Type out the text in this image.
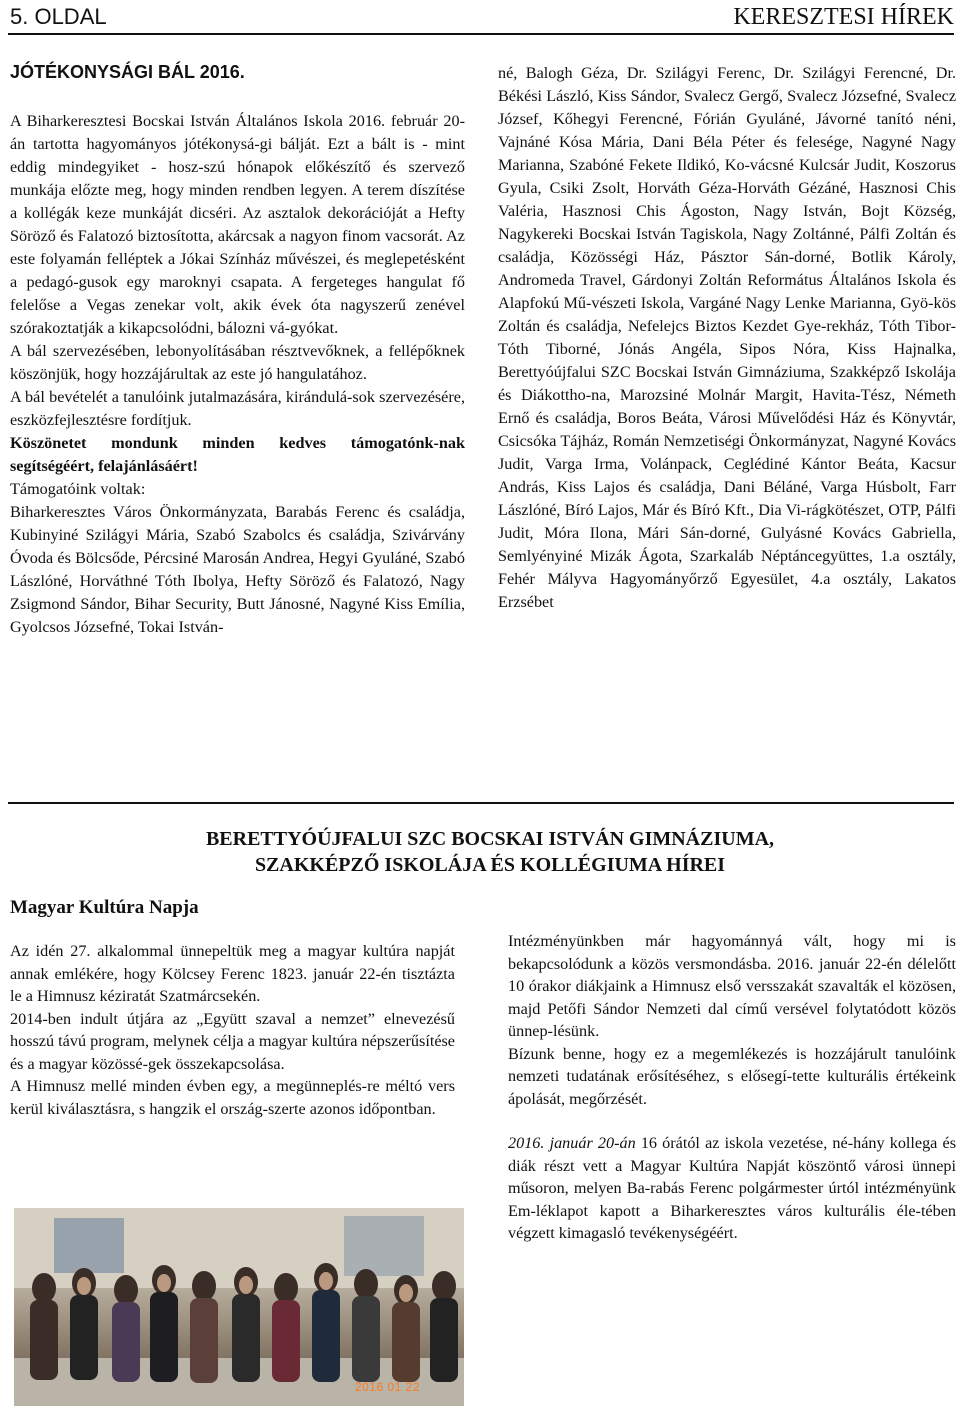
5. OLDAL	KERESZTESI HÍREK
JÓTÉKONYSÁGI BÁL 2016.

A Biharkeresztesi Bocskai István Általános Iskola 2016. február 20-án tartotta hagyományos jótékonysá-gi bálját. Ezt a bált is - mint eddig mindegyiket - hosz-szú hónapok előkészítő és szervező munkája előzte meg, hogy minden rendben legyen. A terem díszítése a kollégák keze munkáját dicséri. Az asztalok dekorációját a Hefty Söröző és Falatozó biztosította, akárcsak a nagyon finom vacsorát. Az este folyamán felléptek a Jókai Színház művészei, és meglepetésként a pedagó-gusok egy maroknyi csapata. A fergeteges hangulat fő felelőse a Vegas zenekar volt, akik évek óta nagyszerű zenével szórakoztatják a kikapcsolódni, bálozni vá-gyókat.

A bál szervezésében, lebonyolításában résztvevőknek, a fellépőknek köszönjük, hogy hozzájárultak az este jó hangulatához.

A bál bevételét a tanulóink jutalmazására, kirándulá-sok szervezésére, eszközfejlesztésre fordítjuk.

Köszönetet mondunk minden kedves támogatónk-nak segítségéért, felajánlásáért!

Támogatóink voltak:

Biharkeresztes Város Önkormányzata, Barabás Ferenc és családja, Kubinyiné Szilágyi Mária, Szabó Szabolcs és családja, Szivárvány Óvoda és Bölcsőde, Pércsiné Marosán Andrea, Hegyi Gyuláné, Szabó Lászlóné, Horváthné Tóth Ibolya, Hefty Söröző és Falatozó, Nagy Zsigmond Sándor, Bihar Security, Butt Jánosné, Nagyné Kiss Emília, Gyolcsos Józsefné, Tokai István-

né, Balogh Géza, Dr. Szilágyi Ferenc, Dr. Szilágyi Ferencné, Dr. Békési László, Kiss Sándor, Svalecz Gergő, Svalecz Józsefné, Svalecz József, Kőhegyi Ferencné, Fórián Gyuláné, Jávorné tanító néni, Vajnáné Kósa Mária, Dani Béla Péter és felesége, Nagyné Nagy Marianna, Szabóné Fekete Ildikó, Ko-vácsné Kulcsár Judit, Koszorus Gyula, Csiki Zsolt, Horváth Géza-Horváth Gézáné, Hasznosi Chis Valéria, Hasznosi Chis Ágoston, Nagy István, Bojt Község, Nagykereki Bocskai István Tagiskola, Nagy Zoltánné, Pálfi Zoltán és családja, Közösségi Ház, Pásztor Sán-dorné, Botlik Károly, Andromeda Travel, Gárdonyi Zoltán Református Általános Iskola és Alapfokú Mű-vészeti Iskola, Vargáné Nagy Lenke Marianna, Gyö-kös Zoltán és családja, Nefelejcs Biztos Kezdet Gye-rekház, Tóth Tibor-Tóth Tiborné, Jónás Angéla, Sipos Nóra, Kiss Hajnalka, Berettyóújfalui SZC Bocskai István Gimnáziuma, Szakképző Iskolája és Diákottho-na, Marozsiné Molnár Margit, Havita-Tész, Németh Ernő és családja, Boros Beáta, Városi Művelődési Ház és Könyvtár, Csicsóka Tájház, Román Nemzetiségi Önkormányzat, Nagyné Kovács Judit, Varga Irma, Volánpack, Ceglédiné Kántor Beáta, Kacsur András, Kiss Lajos és családja, Dani Béláné, Varga Húsbolt, Farr Lászlóné, Bíró Lajos, Már és Bíró Kft., Dia Vi-rágkötészet, OTP, Pálfi Judit, Móra Ilona, Mári Sán-dorné, Gulyásné Kovács Gabriella, Semlyényiné Mizák Ágota, Szarkaláb Néptáncegyüttes, 1.a osztály, Fehér Mályva Hagyományőrző Egyesület, 4.a osztály, Lakatos Erzsébet

BERETTYÓÚJFALUI SZC BOCSKAI ISTVÁN GIMNÁZIUMA,
SZAKKÉPZŐ ISKOLÁJA ÉS KOLLÉGIUMA HÍREI
Magyar Kultúra Napja

Az idén 27. alkalommal ünnepeltük meg a magyar kultúra napját annak emlékére, hogy Kölcsey Ferenc 1823. január 22-én tisztázta le a Himnusz kéziratát Szatmárcsekén.

2014-ben indult útjára az „Együtt szaval a nemzet” elnevezésű hosszú távú program, melynek célja a magyar kultúra népszerűsítése és a magyar közössé-gek összekapcsolása.

A Himnusz mellé minden évben egy, a megünneplés-re méltó vers kerül kiválasztásra, s hangzik el ország-szerte azonos időpontban.

Intézményünkben már hagyománnyá vált, hogy mi is bekapcsolódunk a közös versmondásba. 2016. január 22-én délelőtt 10 órakor diákjaink a Himnusz első versszakát szavalták el közösen, majd Petőfi Sándor Nemzeti dal című versével folytatódott közös ünnep-lésünk.

Bízunk benne, hogy ez a megemlékezés is hozzájárult tanulóink nemzeti tudatának erősítéséhez, s elősegí-tette kulturális értékeink ápolását, megőrzését.

2016. január 20-án 16 órától az iskola vezetése, né-hány kollega és diák részt vett a Magyar Kultúra Napját köszöntő városi ünnepi műsoron, melyen Ba-rabás Ferenc polgármester úrtól intézményünk Em-léklapot kapott a Biharkeresztes város kulturális éle-tében végzett kimagasló tevékenységéért.

2016 01 22
